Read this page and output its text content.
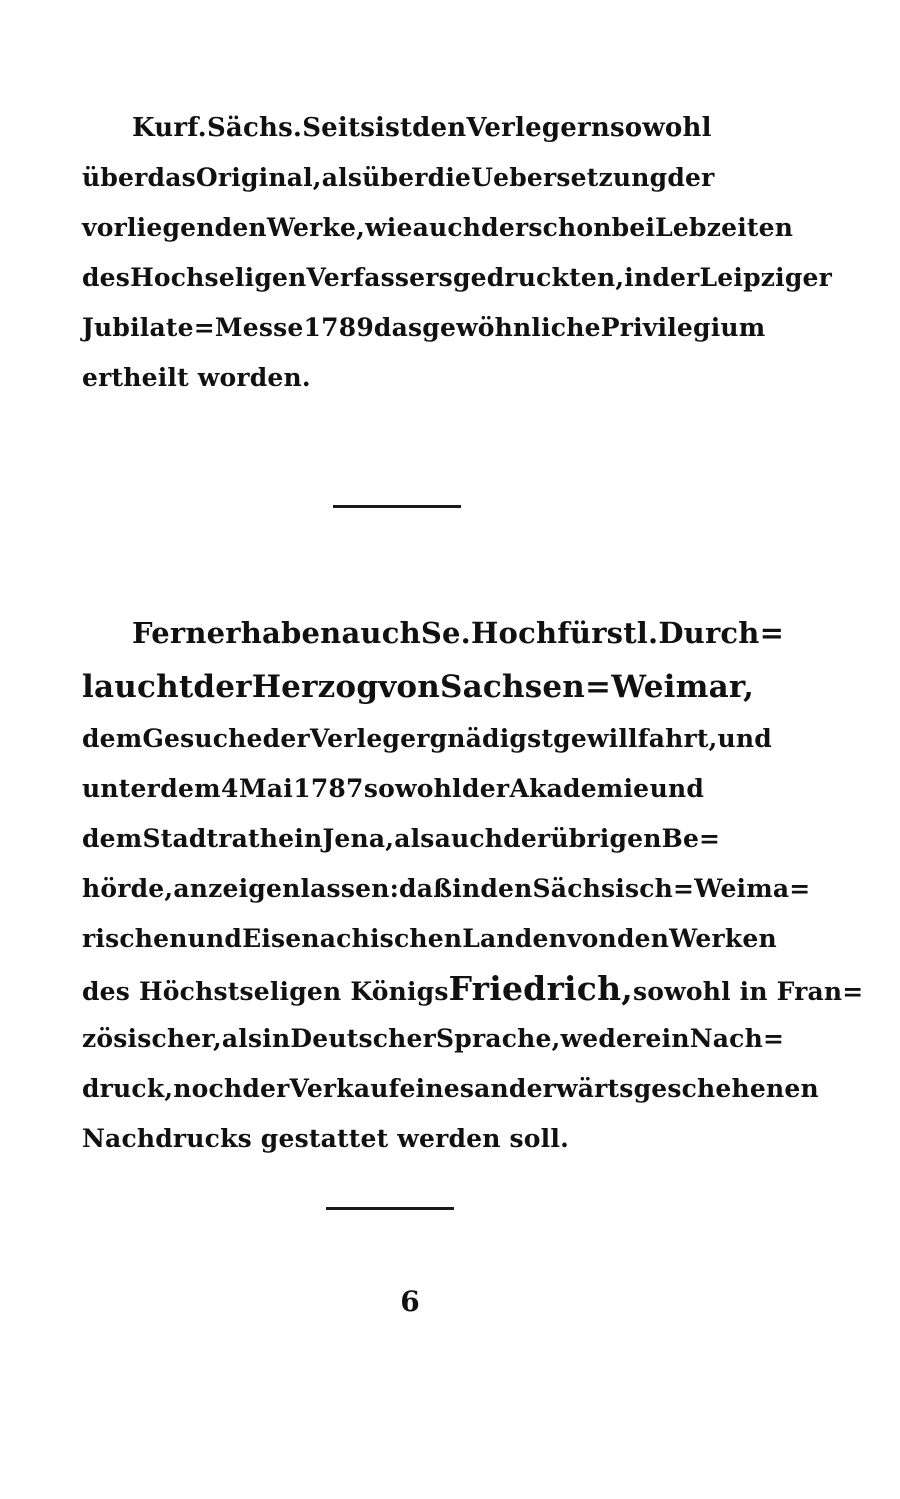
Kurf. Sächs. Seits ist den Verlegern sowohl
über das Original, als über die Uebersetzung der
vorliegenden Werke, wie auch der schon bei Lebzeiten
des Hochseligen Verfassers gedruckten, in der Leipziger
Jubilate = Messe 1789 das gewöhnliche Privilegium
ertheilt worden.
Ferner haben auch Se. Hochfürstl. Durch=
laucht der Herzog von Sachsen = Weimar,
dem Gesuche der Verleger gnädigst gewillfahrt, und
unter dem 4 Mai 1787 sowohl der Akademie und
dem Stadtrathe in Jena, als auch der übrigen Be=
hörde, anzeigen lassen: daß in den Sächsisch = Weima=
rischen und Eisenachischen Landen von den Werken
des Höchstseligen Königs Friedrich, sowohl in Fran=
zösischer, als in Deutscher Sprache, weder ein Nach=
druck, noch der Verkauf eines anderwärts geschehenen
Nachdrucks gestattet werden soll.
6
